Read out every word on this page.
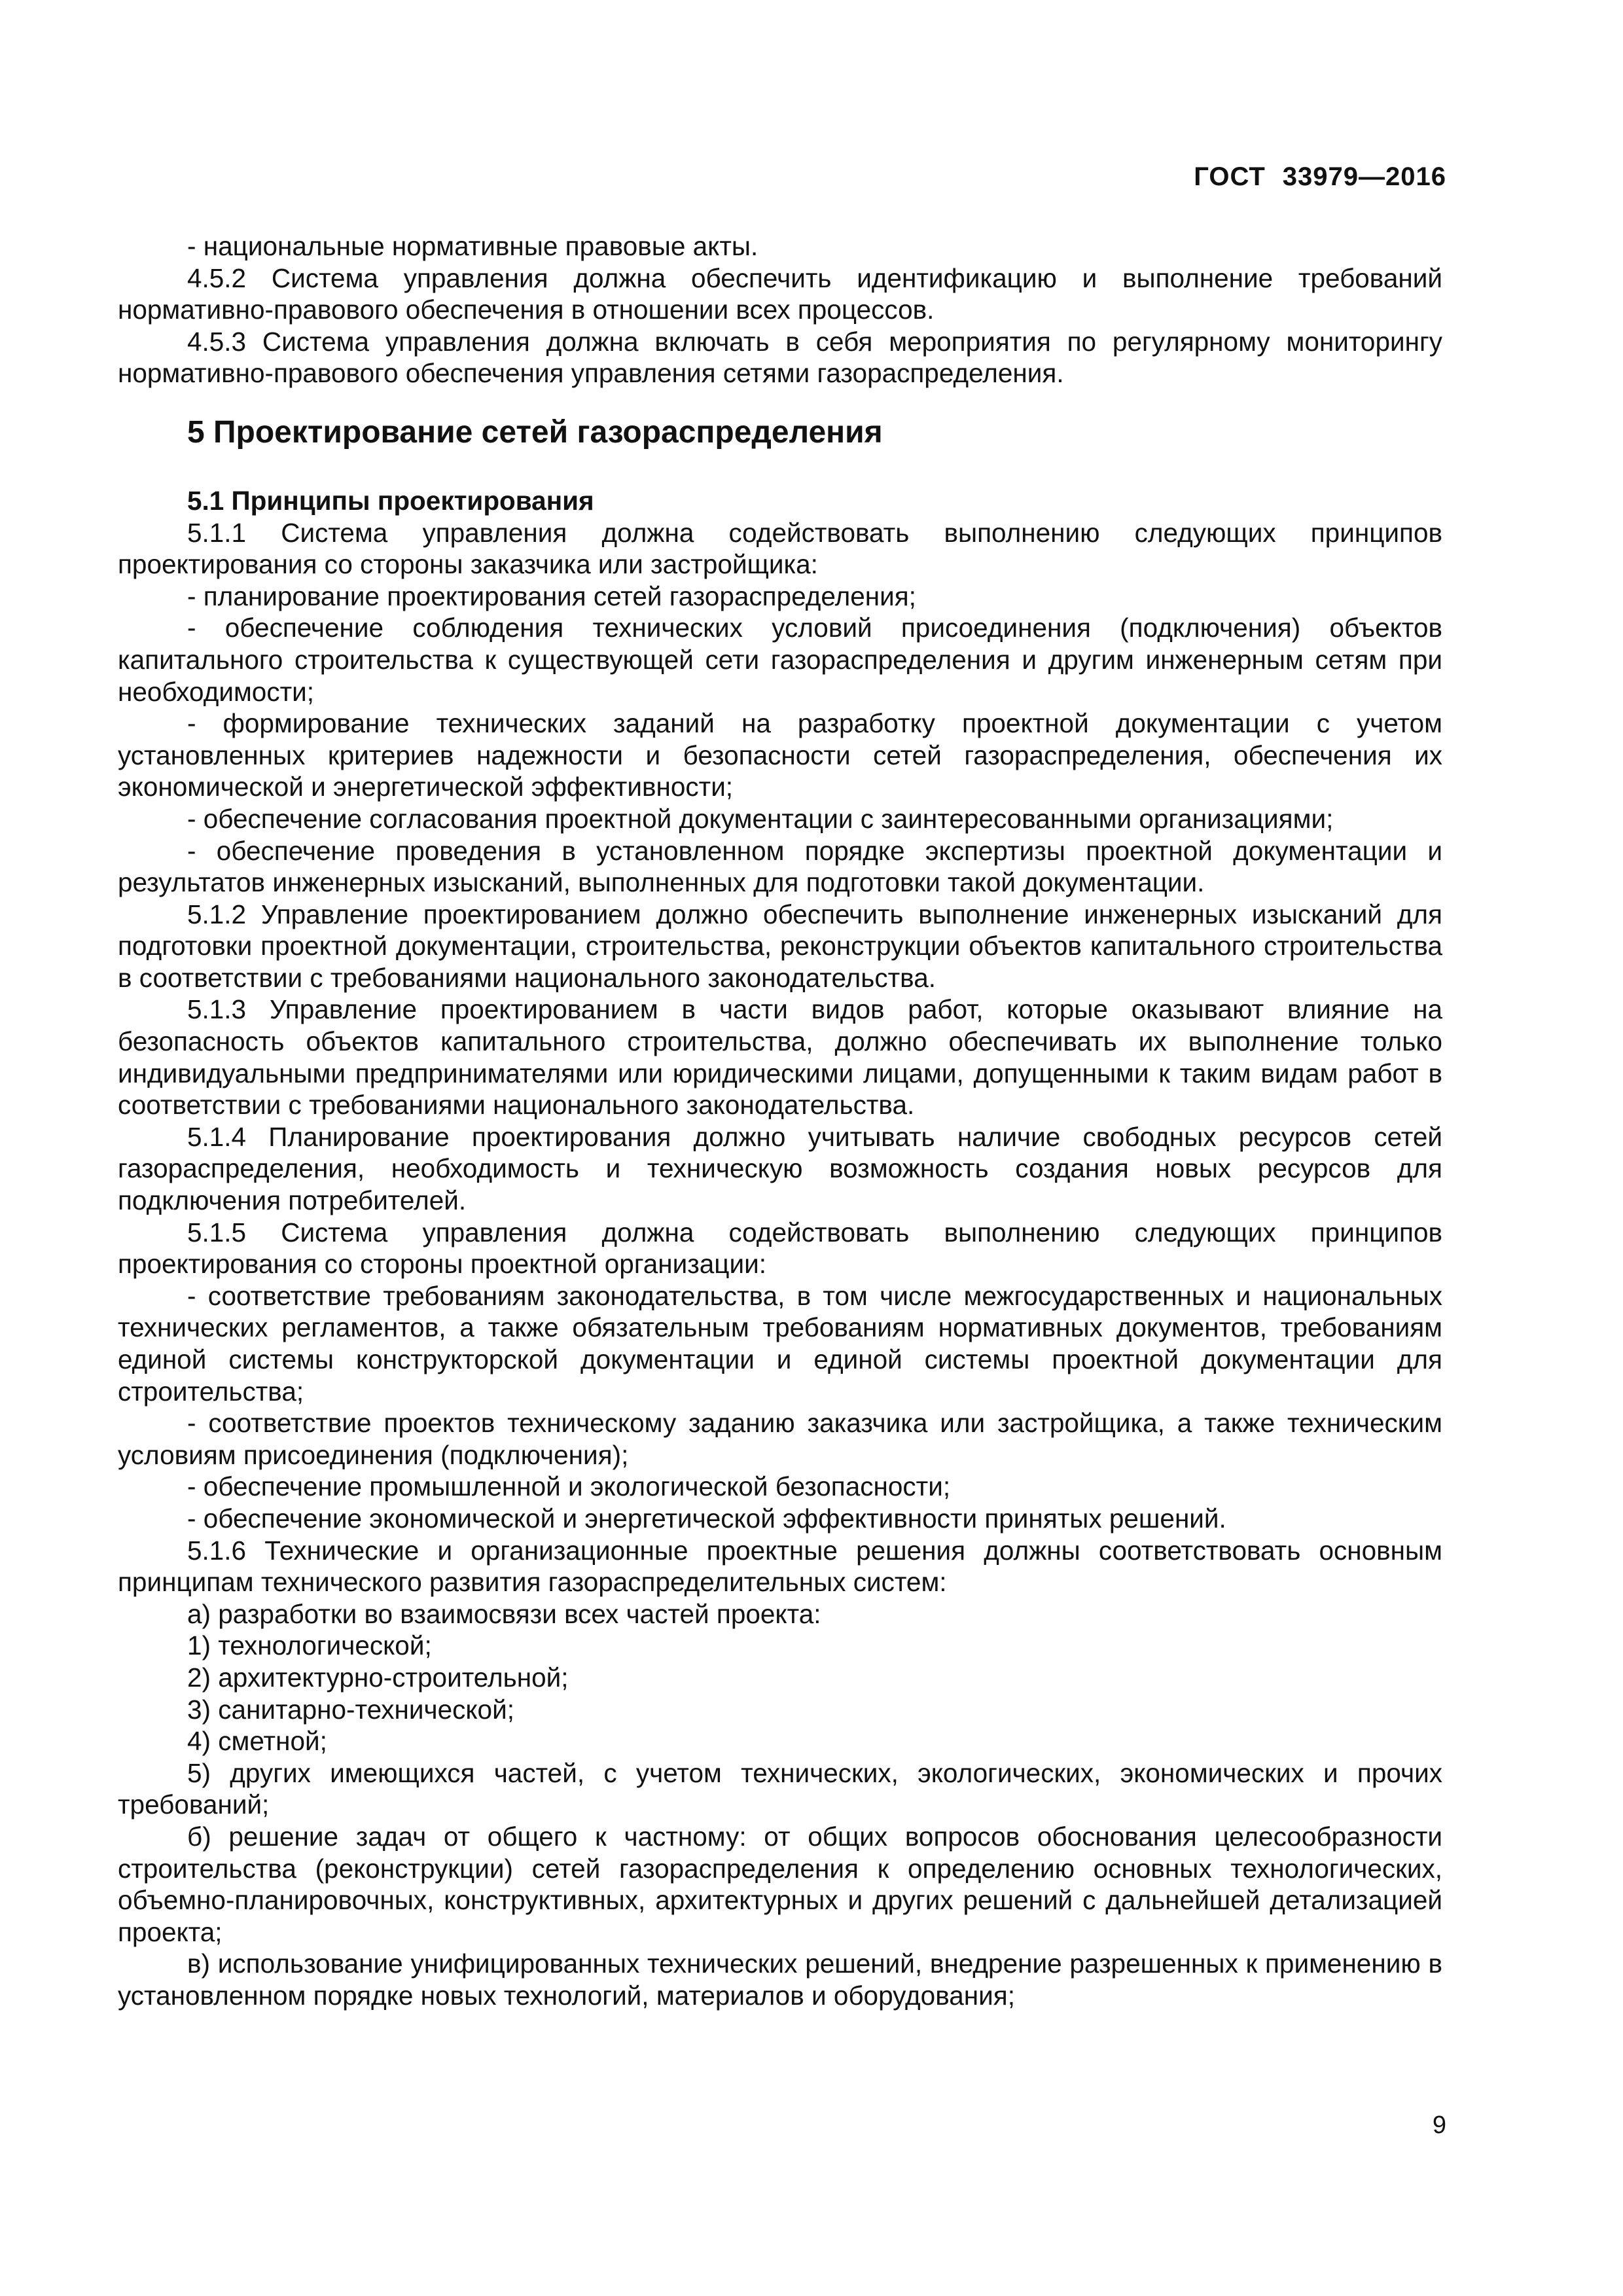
ГОСТ 33979—2016

- национальные нормативные правовые акты.

4.5.2 Система управления должна обеспечить идентификацию и выполнение требований нормативно-правового обеспечения в отношении всех процессов.

4.5.3 Система управления должна включать в себя мероприятия по регулярному мониторингу нормативно-правового обеспечения управления сетями газораспределения.

5 Проектирование сетей газораспределения
5.1 Принципы проектирования

5.1.1 Система управления должна содействовать выполнению следующих принципов проектирования со стороны заказчика или застройщика:

- планирование проектирования сетей газораспределения;

- обеспечение соблюдения технических условий присоединения (подключения) объектов капитального строительства к существующей сети газораспределения и другим инженерным сетям при необходимости;

- формирование технических заданий на разработку проектной документации с учетом установленных критериев надежности и безопасности сетей газораспределения, обеспечения их экономической и энергетической эффективности;

- обеспечение согласования проектной документации с заинтересованными организациями;

- обеспечение проведения в установленном порядке экспертизы проектной документации и результатов инженерных изысканий, выполненных для подготовки такой документации.

5.1.2 Управление проектированием должно обеспечить выполнение инженерных изысканий для подготовки проектной документации, строительства, реконструкции объектов капитального строительства в соответствии с требованиями национального законодательства.

5.1.3 Управление проектированием в части видов работ, которые оказывают влияние на безопасность объектов капитального строительства, должно обеспечивать их выполнение только индивидуальными предпринимателями или юридическими лицами, допущенными к таким видам работ в соответствии с требованиями национального законодательства.

5.1.4 Планирование проектирования должно учитывать наличие свободных ресурсов сетей газораспределения, необходимость и техническую возможность создания новых ресурсов для подключения потребителей.

5.1.5 Система управления должна содействовать выполнению следующих принципов проектирования со стороны проектной организации:

- соответствие требованиям законодательства, в том числе межгосударственных и национальных технических регламентов, а также обязательным требованиям нормативных документов, требованиям единой системы конструкторской документации и единой системы проектной документации для строительства;

- соответствие проектов техническому заданию заказчика или застройщика, а также техническим условиям присоединения (подключения);

- обеспечение промышленной и экологической безопасности;

- обеспечение экономической и энергетической эффективности принятых решений.

5.1.6 Технические и организационные проектные решения должны соответствовать основным принципам технического развития газораспределительных систем:

а) разработки во взаимосвязи всех частей проекта:

1) технологической;

2) архитектурно-строительной;

3) санитарно-технической;

4) сметной;

5) других имеющихся частей, с учетом технических, экологических, экономических и прочих требований;

б) решение задач от общего к частному: от общих вопросов обоснования целесообразности строительства (реконструкции) сетей газораспределения к определению основных технологических, объемно-планировочных, конструктивных, архитектурных и других решений с дальнейшей детализацией проекта;

в) использование унифицированных технических решений, внедрение разрешенных к применению в установленном порядке новых технологий, материалов и оборудования;

9
